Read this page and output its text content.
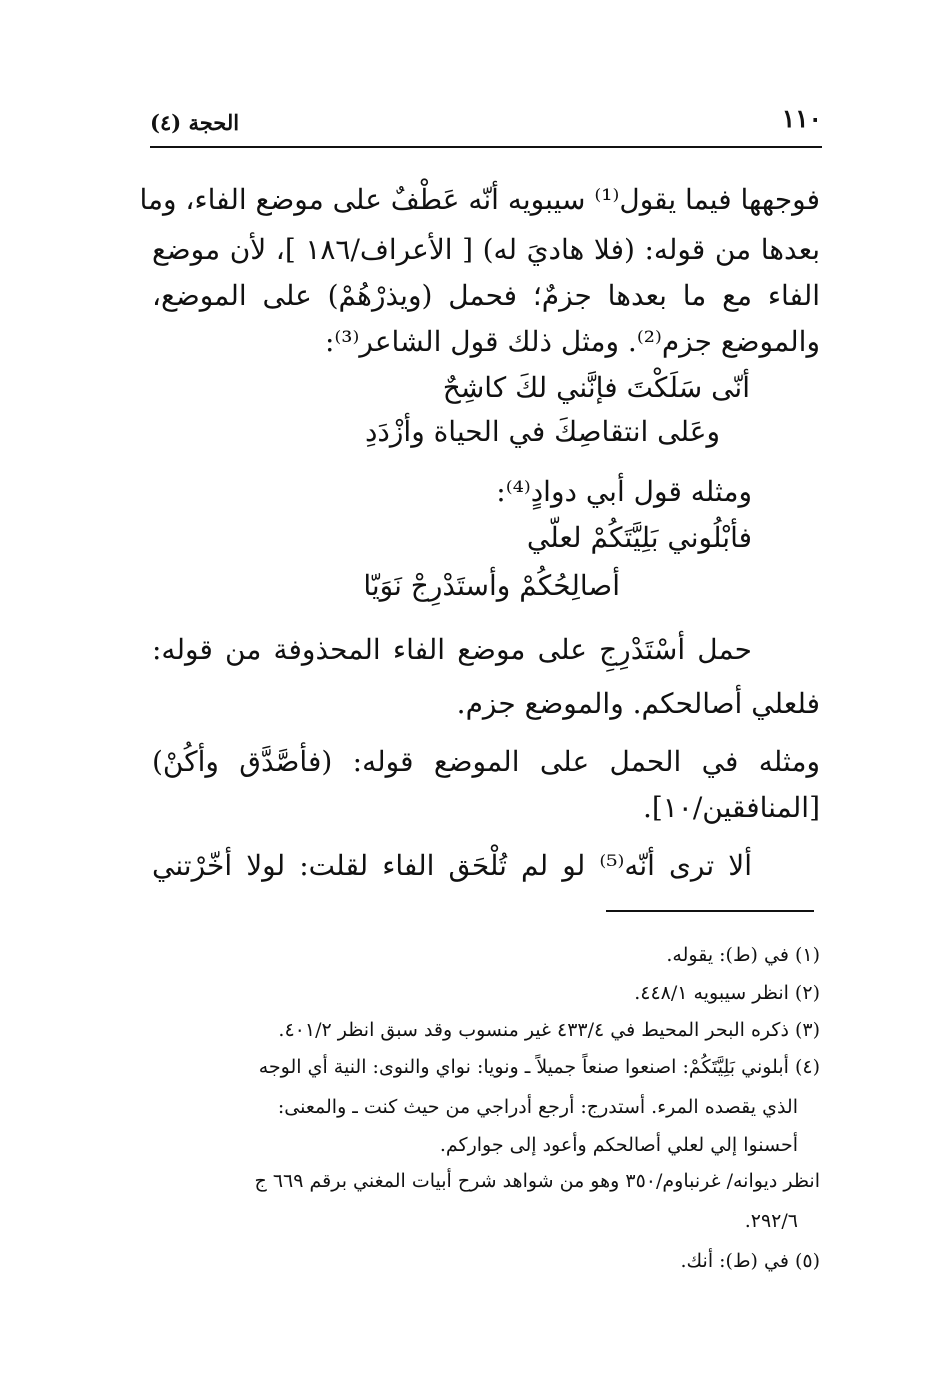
١١٠
الحجة (٤)
فوجهها فيما يقول⁽¹⁾ سيبويه أنّه عَطْفٌ على موضع الفاء، وما
بعدها من قوله: (فلا هاديَ له) [ الأعراف/١٨٦ ]، لأن موضع
الفاء مع ما بعدها جزمٌ؛ فحمل (ويذرْهُمْ) على الموضع،
والموضع جزم⁽²⁾. ومثل ذلك قول الشاعر⁽³⁾:
أنّى سَلَكْتَ فإنَّني لكَ كاشِحٌ
وعَلى انتقاصِكَ في الحياة وأزْدَدِ
ومثله قول أبي دوادٍ⁽⁴⁾:
فأبْلُوني بَلِيَّتَكُمْ لعلّي
أصالِحُكُمْ وأستَدْرِجْ نَوَيّا
حمل أسْتَدْرِجِ على موضع الفاء المحذوفة من قوله:
فلعلي أصالحكم. والموضع جزم.
ومثله في الحمل على الموضع قوله: (فأصَّدَّق وأكُنْ)
[المنافقين/١٠].
ألا ترى أنّه⁽⁵⁾ لو لم تُلْحَق الفاء لقلت: لولا أخّرْتني
(١) في (ط): يقوله.
(٢) انظر سيبويه ٤٤٨/١.
(٣) ذكره البحر المحيط في ٤٣٣/٤ غير منسوب وقد سبق انظر ٤٠١/٢.
(٤) أبلوني بَلِيَّتَكُمْ: اصنعوا صنعاً جميلاً ـ ونويا: نواي والنوى: النية أي الوجه
الذي يقصده المرء. أستدرج: أرجع أدراجي من حيث كنت ـ والمعنى:
أحسنوا إلي لعلي أصالحكم وأعود إلى جواركم.
انظر ديوانه/ غرنباوم/٣٥٠ وهو من شواهد شرح أبيات المغني برقم ٦٦٩ ج
٢٩٢/٦.
(٥) في (ط): أنك.
